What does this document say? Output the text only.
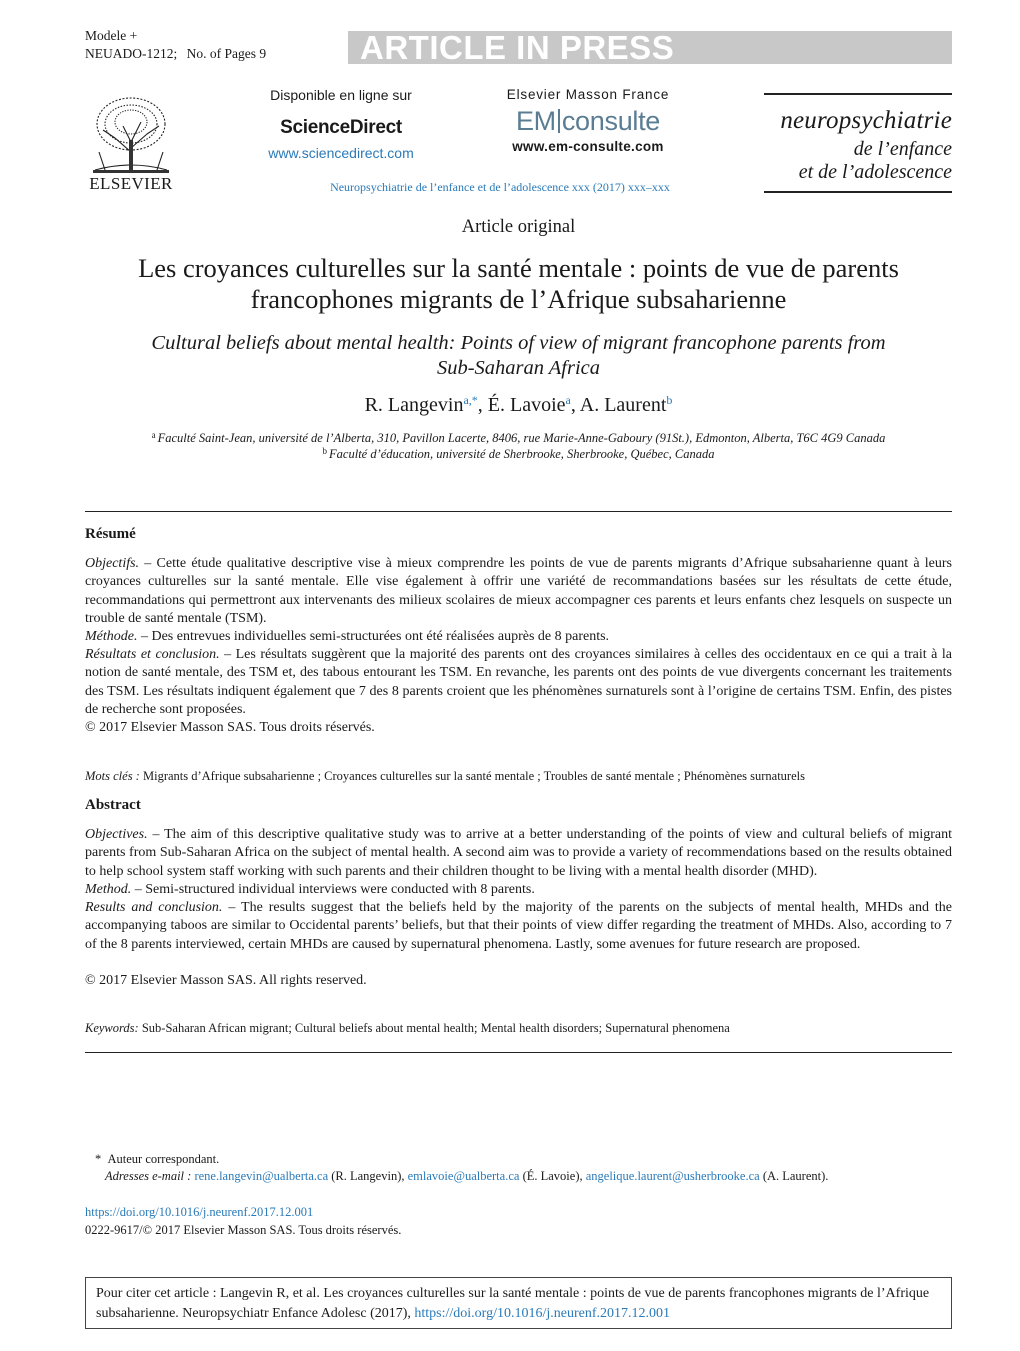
Modele +
NEUADO-1212; No. of Pages 9	ARTICLE IN PRESS
ELSEVIER
Disponible en ligne sur
ScienceDirect
www.sciencedirect.com
Elsevier Masson France
EM consulte
www.em-consulte.com
neuropsychiatrie
de l’enfance
et de l’adolescence
Neuropsychiatrie de l’enfance et de l’adolescence xxx (2017) xxx–xxx
Article original
Les croyances culturelles sur la santé mentale : points de vue de parents
francophones migrants de l’Afrique subsaharienne
Cultural beliefs about mental health: Points of view of migrant francophone parents from
Sub-Saharan Africa
R. Langevin$^{a,*}$, É. Lavoie$^a$, A. Laurent$^b$
$^a$ Faculté Saint-Jean, université de l’Alberta, 310, Pavillon Lacerte, 8406, rue Marie-Anne-Gaboury (91St.), Edmonton, Alberta, T6C 4G9 Canada
$^b$ Faculté d’éducation, université de Sherbrooke, Sherbrooke, Québec, Canada
Résumé
Objectifs. – Cette étude qualitative descriptive vise à mieux comprendre les points de vue de parents migrants d’Afrique subsaharienne quant à leurs croyances culturelles sur la santé mentale. Elle vise également à offrir une variété de recommandations basées sur les résultats de cette étude, recommandations qui permettront aux intervenants des milieux scolaires de mieux accompagner ces parents et leurs enfants chez lesquels on suspecte un trouble de santé mentale (TSM).
Méthode. – Des entrevues individuelles semi-structurées ont été réalisées auprès de 8 parents.
Résultats et conclusion. – Les résultats suggèrent que la majorité des parents ont des croyances similaires à celles des occidentaux en ce qui a trait à la notion de santé mentale, des TSM et, des tabous entourant les TSM. En revanche, les parents ont des points de vue divergents concernant les traitements des TSM. Les résultats indiquent également que 7 des 8 parents croient que les phénomènes surnaturels sont à l’origine de certains TSM. Enfin, des pistes de recherche sont proposées.
© 2017 Elsevier Masson SAS. Tous droits réservés.
Mots clés : Migrants d’Afrique subsaharienne ; Croyances culturelles sur la santé mentale ; Troubles de santé mentale ; Phénomènes surnaturels
Abstract
Objectives. – The aim of this descriptive qualitative study was to arrive at a better understanding of the points of view and cultural beliefs of migrant parents from Sub-Saharan Africa on the subject of mental health. A second aim was to provide a variety of recommendations based on the results obtained to help school system staff working with such parents and their children thought to be living with a mental health disorder (MHD).
Method. – Semi-structured individual interviews were conducted with 8 parents.
Results and conclusion. – The results suggest that the beliefs held by the majority of the parents on the subjects of mental health, MHDs and the accompanying taboos are similar to Occidental parents’ beliefs, but that their points of view differ regarding the treatment of MHDs. Also, according to 7 of the 8 parents interviewed, certain MHDs are caused by supernatural phenomena. Lastly, some avenues for future research are proposed.
© 2017 Elsevier Masson SAS. All rights reserved.
Keywords: Sub-Saharan African migrant; Cultural beliefs about mental health; Mental health disorders; Supernatural phenomena
* Auteur correspondant.
Adresses e-mail : rene.langevin@ualberta.ca (R. Langevin), emlavoie@ualberta.ca (É. Lavoie), angelique.laurent@usherbrooke.ca (A. Laurent).
https://doi.org/10.1016/j.neurenf.2017.12.001
0222-9617/© 2017 Elsevier Masson SAS. Tous droits réservés.
Pour citer cet article : Langevin R, et al. Les croyances culturelles sur la santé mentale : points de vue de parents francophones migrants de l’Afrique subsaharienne. Neuropsychiatr Enfance Adolesc (2017), https://doi.org/10.1016/j.neurenf.2017.12.001
